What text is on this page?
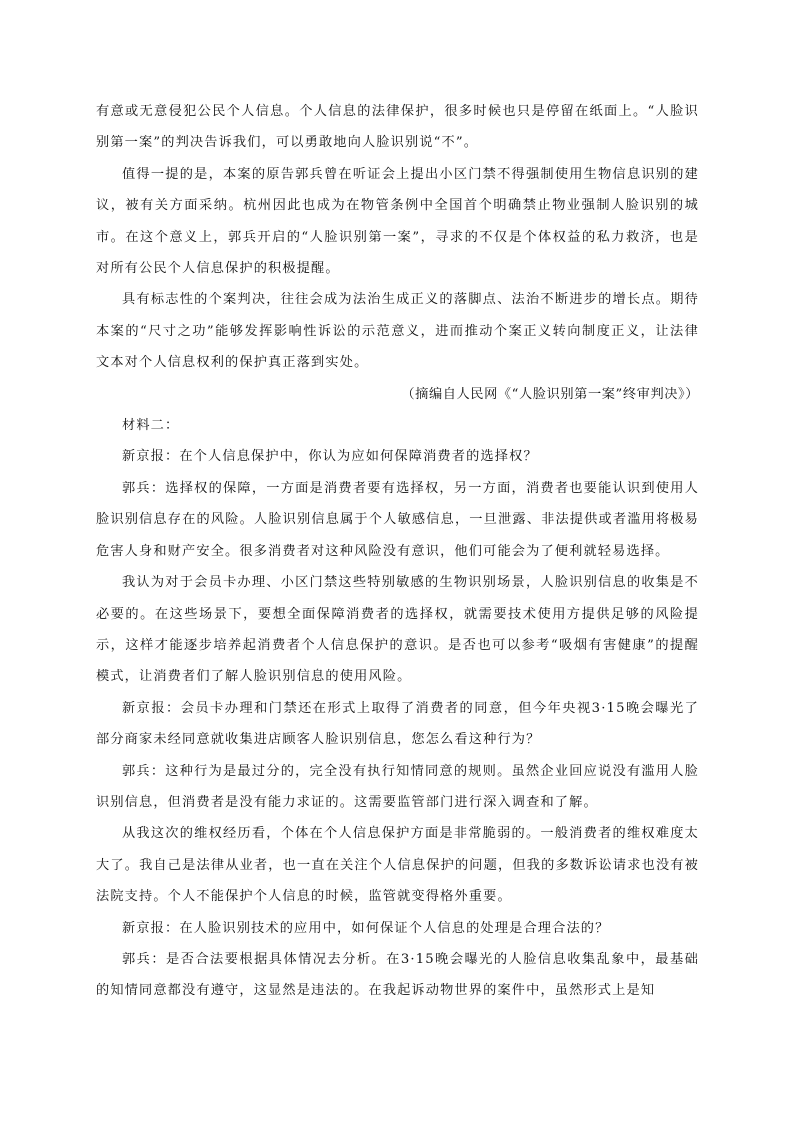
有意或无意侵犯公民个人信息。个人信息的法律保护，很多时候也只是停留在纸面上。“人脸识别第一案”的判决告诉我们，可以勇敢地向人脸识别说“不”。

值得一提的是，本案的原告郭兵曾在听证会上提出小区门禁不得强制使用生物信息识别的建议，被有关方面采纳。杭州因此也成为在物管条例中全国首个明确禁止物业强制人脸识别的城市。在这个意义上，郭兵开启的“人脸识别第一案”，寻求的不仅是个体权益的私力救济，也是对所有公民个人信息保护的积极提醒。

具有标志性的个案判决，往往会成为法治生成正义的落脚点、法治不断进步的增长点。期待本案的“尺寸之功”能够发挥影响性诉讼的示范意义，进而推动个案正义转向制度正义，让法律文本对个人信息权利的保护真正落到实处。

（摘编自人民网《“人脸识别第一案”终审判决》）

材料二：

新京报：在个人信息保护中，你认为应如何保障消费者的选择权？

郭兵：选择权的保障，一方面是消费者要有选择权，另一方面，消费者也要能认识到使用人脸识别信息存在的风险。人脸识别信息属于个人敏感信息，一旦泄露、非法提供或者滥用将极易危害人身和财产安全。很多消费者对这种风险没有意识，他们可能会为了便利就轻易选择。

我认为对于会员卡办理、小区门禁这些特别敏感的生物识别场景，人脸识别信息的收集是不必要的。在这些场景下，要想全面保障消费者的选择权，就需要技术使用方提供足够的风险提示，这样才能逐步培养起消费者个人信息保护的意识。是否也可以参考“吸烟有害健康”的提醒模式，让消费者们了解人脸识别信息的使用风险。

新京报：会员卡办理和门禁还在形式上取得了消费者的同意，但今年央视3·15晚会曝光了部分商家未经同意就收集进店顾客人脸识别信息，您怎么看这种行为？

郭兵：这种行为是最过分的，完全没有执行知情同意的规则。虽然企业回应说没有滥用人脸识别信息，但消费者是没有能力求证的。这需要监管部门进行深入调查和了解。

从我这次的维权经历看，个体在个人信息保护方面是非常脆弱的。一般消费者的维权难度太大了。我自己是法律从业者，也一直在关注个人信息保护的问题，但我的多数诉讼请求也没有被法院支持。个人不能保护个人信息的时候，监管就变得格外重要。

新京报：在人脸识别技术的应用中，如何保证个人信息的处理是合理合法的？

郭兵：是否合法要根据具体情况去分析。在3·15晚会曝光的人脸信息收集乱象中，最基础的知情同意都没有遵守，这显然是违法的。在我起诉动物世界的案件中，虽然形式上是知
